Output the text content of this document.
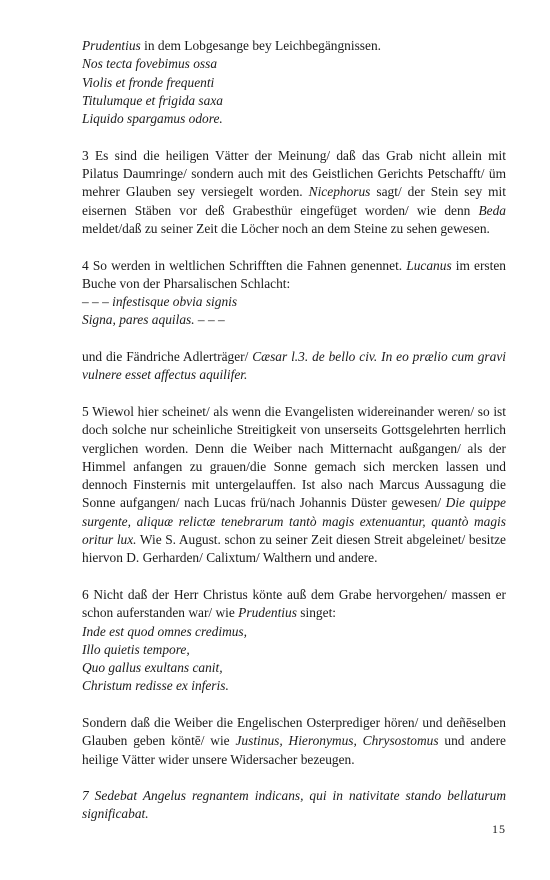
Prudentius in dem Lobgesange bey Leichbegängnissen.
Nos tecta fovebimus ossa
Violis et fronde frequenti
Titulumque et frigida saxa
Liquido spargamus odore.

3 Es sind die heiligen Vätter der Meinung/ daß das Grab nicht allein mit Pilatus Daumringe/ sondern auch mit des Geistlichen Gerichts Petschafft/ üm mehrer Glauben sey versiegelt worden. Nicephorus sagt/ der Stein sey mit eisernen Stäben vor deß Grabesthür eingefüget worden/ wie denn Beda meldet/daß zu seiner Zeit die Löcher noch an dem Steine zu sehen gewesen.

4 So werden in weltlichen Schrifften die Fahnen genennet. Lucanus im ersten Buche von der Pharsalischen Schlacht:

– – – infestisque obvia signis
Signa, pares aquilas. – – –

und die Fändriche Adlerträger/ Cæsar l.3. de bello civ. In eo prælio cum gravi vulnere esset affectus aquilifer.

5 Wiewol hier scheinet/ als wenn die Evangelisten widereinander weren/ so ist doch solche nur scheinliche Streitigkeit von unserseits Gottsgelehrten herrlich verglichen worden. Denn die Weiber nach Mitternacht außgangen/ als der Himmel anfangen zu grauen/die Sonne gemach sich mercken lassen und dennoch Finsternis mit untergelauffen. Ist also nach Marcus Aussagung die Sonne aufgangen/ nach Lucas frü/nach Johannis Düster gewesen/ Die quippe surgente, aliquæ relictæ tenebrarum tantò magis extenuantur, quantò magis oritur lux. Wie S. August. schon zu seiner Zeit diesen Streit abgeleinet/ besitze hiervon D. Gerharden/ Calixtum/ Walthern und andere.

6 Nicht daß der Herr Christus könte auß dem Grabe hervorgehen/ massen er schon auferstanden war/ wie Prudentius singet:

Inde est quod omnes credimus,
Illo quietis tempore,
Quo gallus exultans canit,
Christum redisse ex inferis.

Sondern daß die Weiber die Engelischen Osterprediger hören/ und deñēselben Glauben geben köntē/ wie Justinus, Hieronymus, Chrysostomus und andere heilige Vätter wider unsere Widersacher bezeugen.

7 Sedebat Angelus regnantem indicans, qui in nativitate stando bellaturum significabat.

15
